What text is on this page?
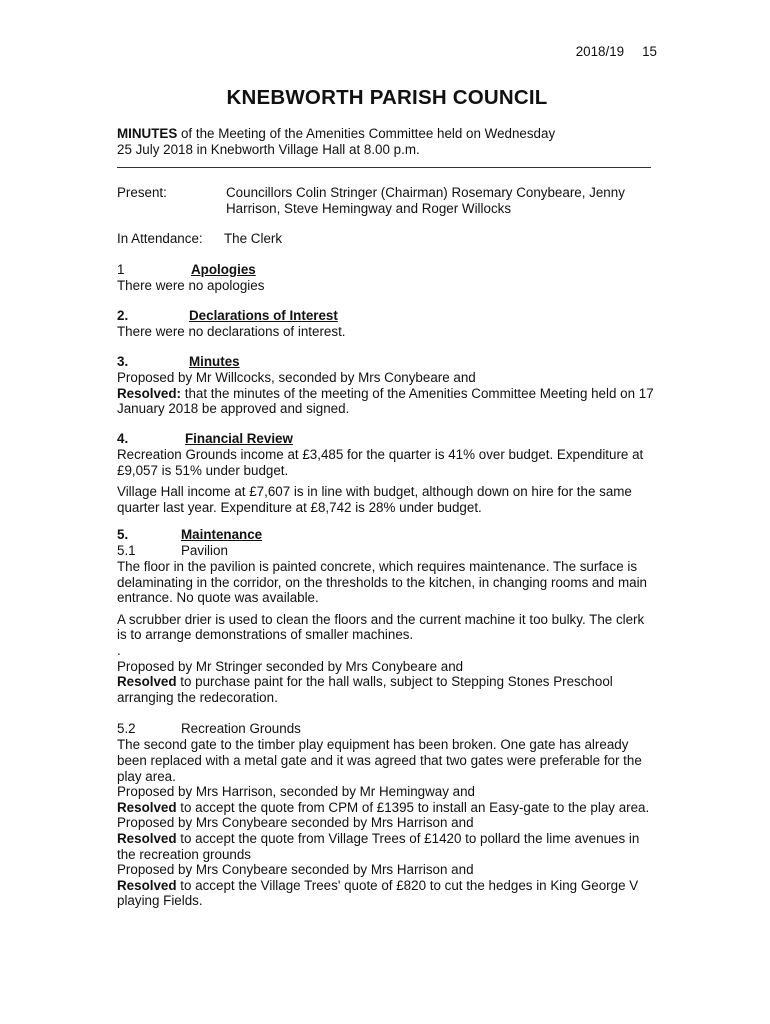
2018/19 15
KNEBWORTH PARISH COUNCIL
MINUTES of the Meeting of the Amenities Committee held on Wednesday
25 July 2018 in Knebworth Village Hall at 8.00 p.m.
Present:	Councillors Colin Stringer (Chairman) Rosemary Conybeare, Jenny Harrison, Steve Hemingway and Roger Willocks
In Attendance: The Clerk
1	Apologies

There were no apologies

2.	Declarations of Interest

There were no declarations of interest.

3.	Minutes

Proposed by Mr Willcocks, seconded by Mrs Conybeare and

Resolved: that the minutes of the meeting of the Amenities Committee Meeting held on 17 January 2018 be approved and signed.

4.	Financial Review

Recreation Grounds income at £3,485 for the quarter is 41% over budget. Expenditure at £9,057 is 51% under budget.

Village Hall income at £7,607 is in line with budget, although down on hire for the same quarter last year. Expenditure at £8,742 is 28% under budget.

5.	Maintenance
5.1	Pavilion

The floor in the pavilion is painted concrete, which requires maintenance. The surface is delaminating in the corridor, on the thresholds to the kitchen, in changing rooms and main entrance. No quote was available.

A scrubber drier is used to clean the floors and the current machine it too bulky. The clerk is to arrange demonstrations of smaller machines.

.

Proposed by Mr Stringer seconded by Mrs Conybeare and

Resolved to purchase paint for the hall walls, subject to Stepping Stones Preschool arranging the redecoration.

5.2	Recreation Grounds

The second gate to the timber play equipment has been broken. One gate has already been replaced with a metal gate and it was agreed that two gates were preferable for the play area.

Proposed by Mrs Harrison, seconded by Mr Hemingway and

Resolved to accept the quote from CPM of £1395 to install an Easy-gate to the play area.

Proposed by Mrs Conybeare seconded by Mrs Harrison and

Resolved to accept the quote from Village Trees of £1420 to pollard the lime avenues in the recreation grounds

Proposed by Mrs Conybeare seconded by Mrs Harrison and

Resolved to accept the Village Trees' quote of £820 to cut the hedges in King George V playing Fields.
